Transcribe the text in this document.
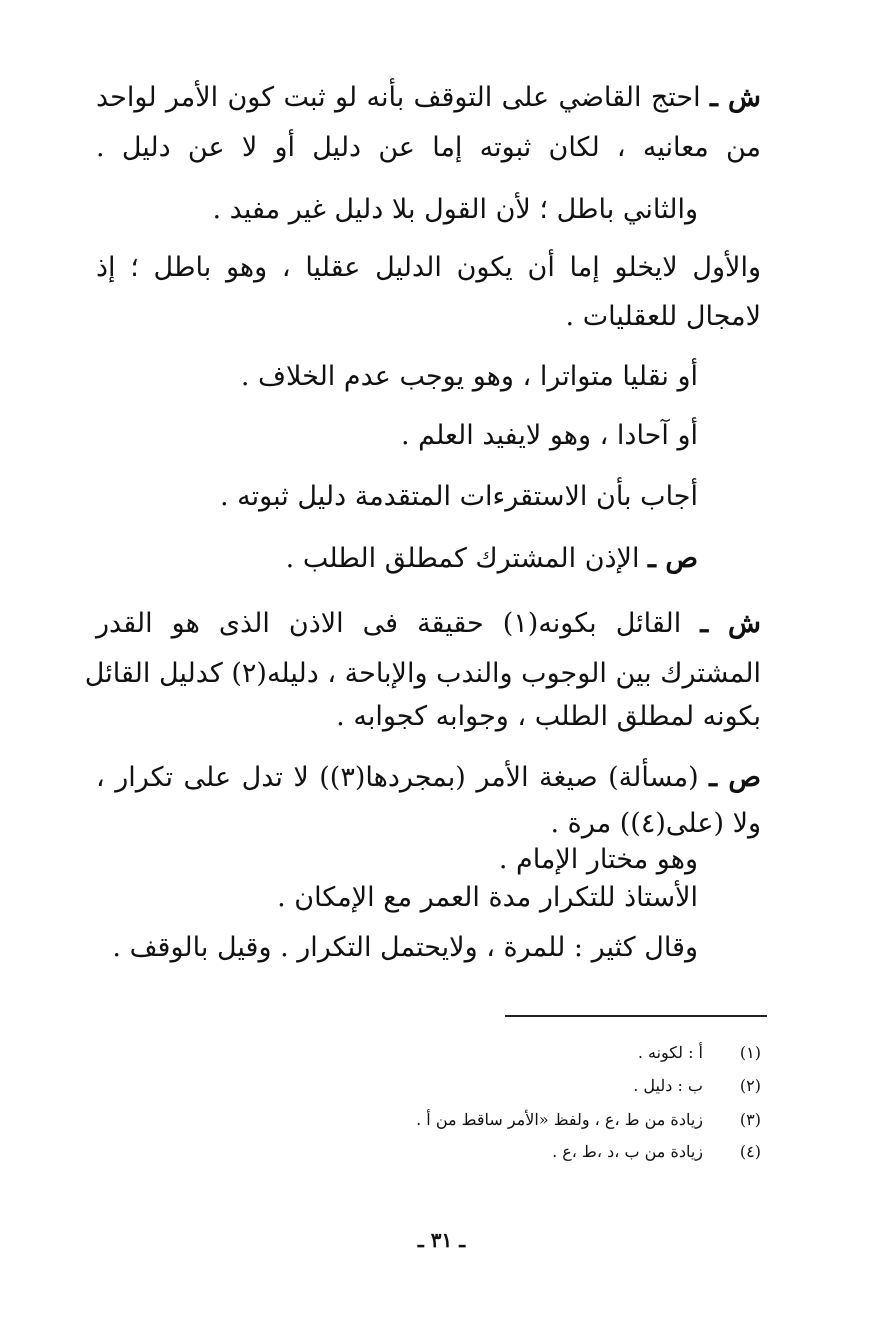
ش ـ احتج القاضي على التوقف بأنه لو ثبت كون الأمر لواحد
من معانيه ، لكان ثبوته إما عن دليل أو لا عن دليل .
والثاني باطل ؛ لأن القول بلا دليل غير مفيد .
والأول لايخلو إما أن يكون الدليل عقليا ، وهو باطل ؛ إذ
لامجال للعقليات .
أو نقليا متواترا ، وهو يوجب عدم الخلاف .
أو آحادا ، وهو لايفيد العلم .
أجاب بأن الاستقرءات المتقدمة دليل ثبوته .
ص ـ الإذن المشترك كمطلق الطلب .
ش ـ القائل بكونه(١) حقيقة فى الاذن الذى هو القدر
المشترك بين الوجوب والندب والإباحة ، دليله(٢) كدليل القائل
بكونه لمطلق الطلب ، وجوابه كجوابه .
ص ـ (مسألة) صيغة الأمر (بمجردها(٣)) لا تدل على تكرار ،
ولا (على(٤)) مرة .
وهو مختار الإمام .
الأستاذ للتكرار مدة العمر مع الإمكان .
وقال كثير : للمرة ، ولايحتمل التكرار . وقيل بالوقف .
(١)أ : لكونه .
(٢)ب : دليل .
(٣)زيادة من ط ،ع ، ولفظ «الأمر ساقط من أ .
(٤)زيادة من ب ،د ،ط ،ع .
ـ ٣١ ـ
